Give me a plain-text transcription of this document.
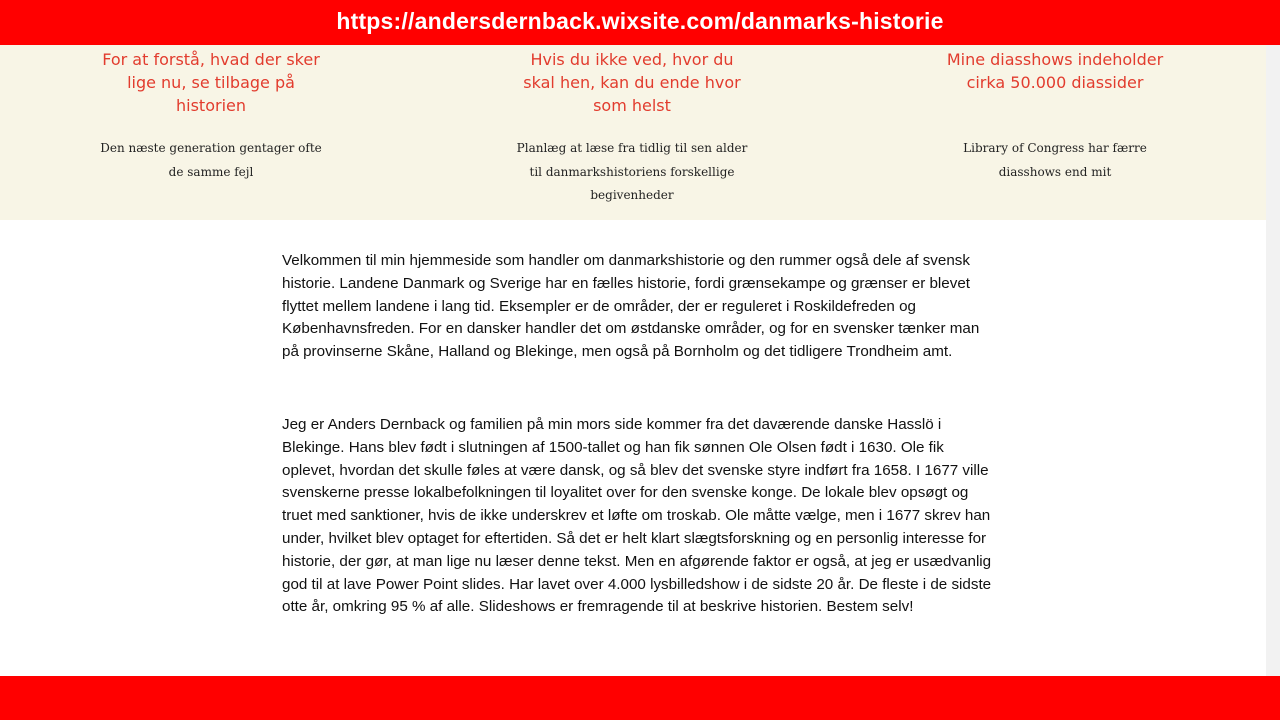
https://andersdernback.wixsite.com/danmarks-historie

For at forstå, hvad der sker lige nu, se tilbage på historien

Den næste generation gentager ofte de samme fejl

Hvis du ikke ved, hvor du skal hen, kan du ende hvor som helst

Planlæg at læse fra tidlig til sen alder til danmarkshistoriens forskellige begivenheder

Mine diasshows indeholder cirka 50.000 diassider

Library of Congress har færre diasshows end mit

Velkommen til min hjemmeside som handler om danmarkshistorie og den rummer også dele af svensk historie. Landene Danmark og Sverige har en fælles historie, fordi grænsekampe og grænser er blevet flyttet mellem landene i lang tid. Eksempler er de områder, der er reguleret i Roskildefreden og Københavnsfreden. For en dansker handler det om østdanske områder, og for en svensker tænker man på provinserne Skåne, Halland og Blekinge, men også på Bornholm og det tidligere Trondheim amt.

Jeg er Anders Dernback og familien på min mors side kommer fra det daværende danske Hasslö i Blekinge. Hans blev født i slutningen af 1500-tallet og han fik sønnen Ole Olsen født i 1630. Ole fik oplevet, hvordan det skulle føles at være dansk, og så blev det svenske styre indført fra 1658. I 1677 ville svenskerne presse lokalbefolkningen til loyalitet over for den svenske konge. De lokale blev opsøgt og truet med sanktioner, hvis de ikke underskrev et løfte om troskab. Ole måtte vælge, men i 1677 skrev han under, hvilket blev optaget for eftertiden. Så det er helt klart slægtsforskning og en personlig interesse for historie, der gør, at man lige nu læser denne tekst. Men en afgørende faktor er også, at jeg er usædvanlig god til at lave Power Point slides. Har lavet over 4.000 lysbilledshow i de sidste 20 år. De fleste i de sidste otte år, omkring 95 % af alle. Slideshows er fremragende til at beskrive historien. Bestem selv!
